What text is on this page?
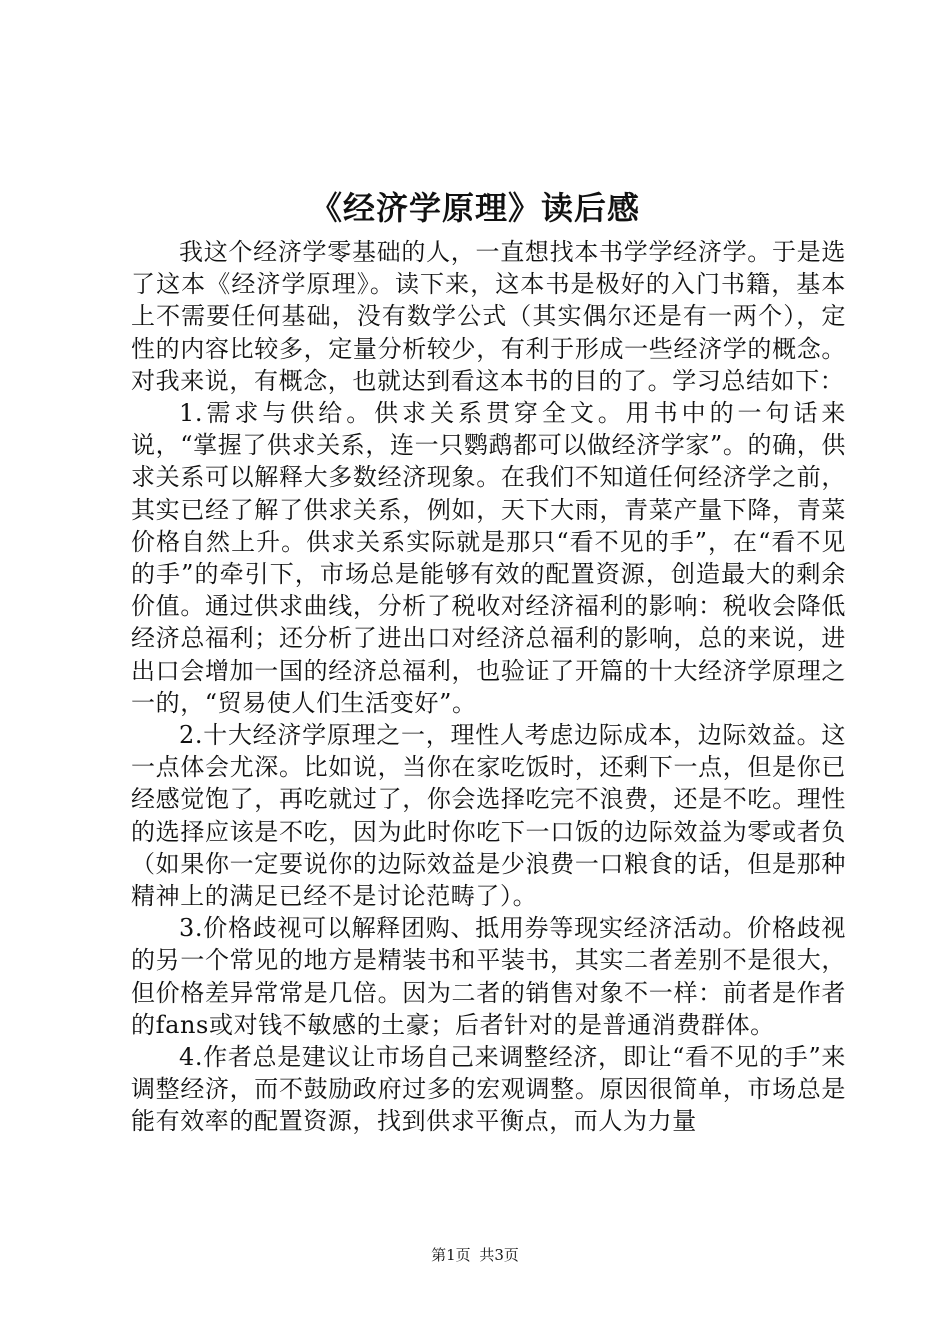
《经济学原理》读后感

我这个经济学零基础的人，一直想找本书学学经济学。于是选了这本《经济学原理》。读下来，这本书是极好的入门书籍，基本上不需要任何基础，没有数学公式（其实偶尔还是有一两个），定性的内容比较多，定量分析较少，有利于形成一些经济学的概念。对我来说，有概念，也就达到看这本书的目的了。学习总结如下：

1.需求与供给。供求关系贯穿全文。用书中的一句话来说，“掌握了供求关系，连一只鹦鹉都可以做经济学家”。的确，供求关系可以解释大多数经济现象。在我们不知道任何经济学之前，其实已经了解了供求关系，例如，天下大雨，青菜产量下降，青菜价格自然上升。供求关系实际就是那只“看不见的手”，在“看不见的手”的牵引下，市场总是能够有效的配置资源，创造最大的剩余价值。通过供求曲线，分析了税收对经济福利的影响：税收会降低经济总福利；还分析了进出口对经济总福利的影响，总的来说，进出口会增加一国的经济总福利，也验证了开篇的十大经济学原理之一的，“贸易使人们生活变好”。

2.十大经济学原理之一，理性人考虑边际成本，边际效益。这一点体会尤深。比如说，当你在家吃饭时，还剩下一点，但是你已经感觉饱了，再吃就过了，你会选择吃完不浪费，还是不吃。理性的选择应该是不吃，因为此时你吃下一口饭的边际效益为零或者负（如果你一定要说你的边际效益是少浪费一口粮食的话，但是那种精神上的满足已经不是讨论范畴了）。

3.价格歧视可以解释团购、抵用券等现实经济活动。价格歧视的另一个常见的地方是精装书和平装书，其实二者差别不是很大，但价格差异常常是几倍。因为二者的销售对象不一样：前者是作者的fans或对钱不敏感的土豪；后者针对的是普通消费群体。

4.作者总是建议让市场自己来调整经济，即让“看不见的手”来调整经济，而不鼓励政府过多的宏观调整。原因很简单，市场总是能有效率的配置资源，找到供求平衡点，而人为力量

第1页 共3页
